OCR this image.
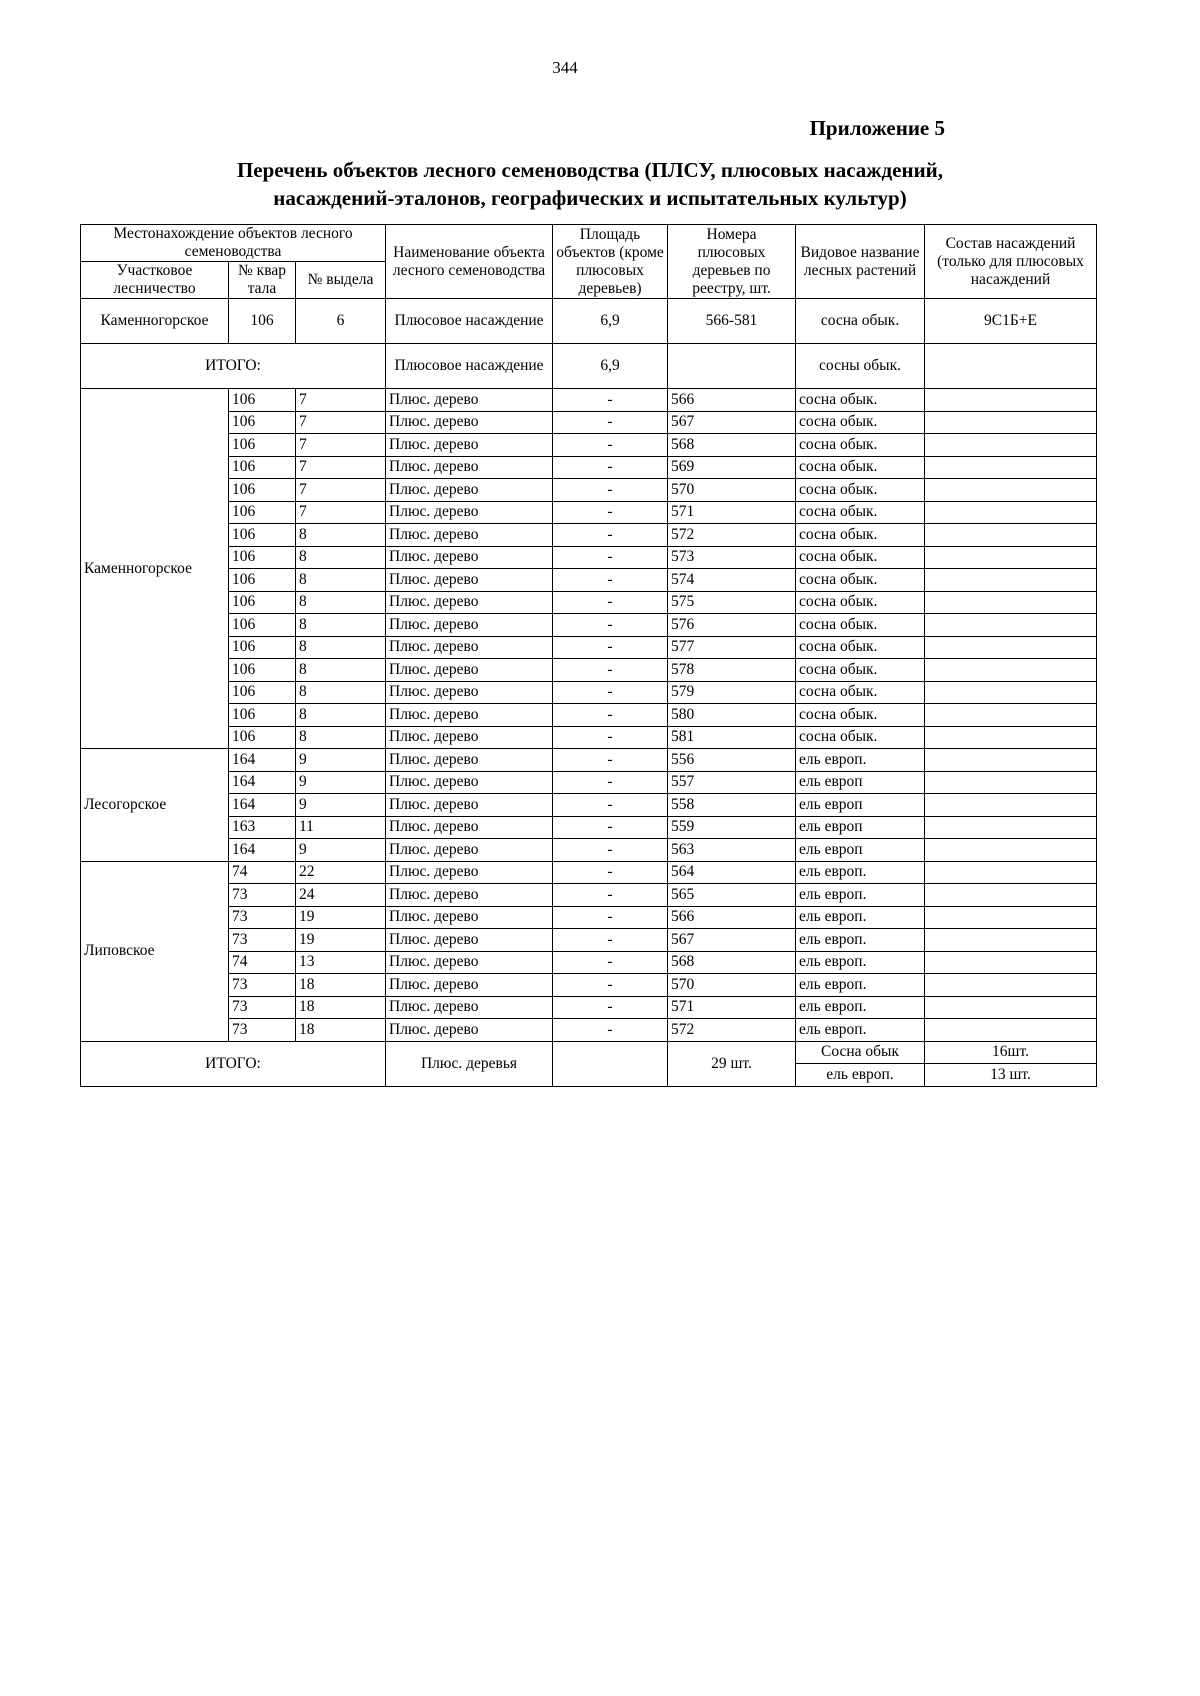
344
Приложение 5
Перечень объектов лесного семеноводства (ПЛСУ, плюсовых насаждений,
насаждений-эталонов, географических и испытательных культур)
Местонахождение объектов лесного семеноводства			Наименование объекта лесного семеноводства	Площадь объектов (кроме плюсовых деревьев)	Номера плюсовых деревьев по реестру, шт.	Видовое название лесных растений	Состав насаждений (только для плюсовых насаждений
Участковое лесничество	№ квар тала	№ выдела					
Каменногорское	106	6	Плюсовое насаждение	6,9	566-581	сосна обык.	9С1Б+Е
ИТОГО:			Плюсовое насаждение	6,9		сосны обык.	
Каменногорское	106	7	Плюс. дерево	-	566	сосна обык.	
	106	7	Плюс. дерево	-	567	сосна обык.	
	106	7	Плюс. дерево	-	568	сосна обык.	
	106	7	Плюс. дерево	-	569	сосна обык.	
	106	7	Плюс. дерево	-	570	сосна обык.	
	106	7	Плюс. дерево	-	571	сосна обык.	
	106	8	Плюс. дерево	-	572	сосна обык.	
	106	8	Плюс. дерево	-	573	сосна обык.	
	106	8	Плюс. дерево	-	574	сосна обык.	
	106	8	Плюс. дерево	-	575	сосна обык.	
	106	8	Плюс. дерево	-	576	сосна обык.	
	106	8	Плюс. дерево	-	577	сосна обык.	
	106	8	Плюс. дерево	-	578	сосна обык.	
	106	8	Плюс. дерево	-	579	сосна обык.	
	106	8	Плюс. дерево	-	580	сосна обык.	
	106	8	Плюс. дерево	-	581	сосна обык.	
Лесогорское	164	9	Плюс. дерево	-	556	ель европ.	
	164	9	Плюс. дерево	-	557	ель европ	
	164	9	Плюс. дерево	-	558	ель европ	
	163	11	Плюс. дерево	-	559	ель европ	
	164	9	Плюс. дерево	-	563	ель европ	
Липовское	74	22	Плюс. дерево	-	564	ель европ.	
	73	24	Плюс. дерево	-	565	ель европ.	
	73	19	Плюс. дерево	-	566	ель европ.	
	73	19	Плюс. дерево	-	567	ель европ.	
	74	13	Плюс. дерево	-	568	ель европ.	
	73	18	Плюс. дерево	-	570	ель европ.	
	73	18	Плюс. дерево	-	571	ель европ.	
	73	18	Плюс. дерево	-	572	ель европ.	
ИТОГО:			Плюс. деревья		29 шт.	Сосна обык	16шт.
						ель европ.	13 шт.
